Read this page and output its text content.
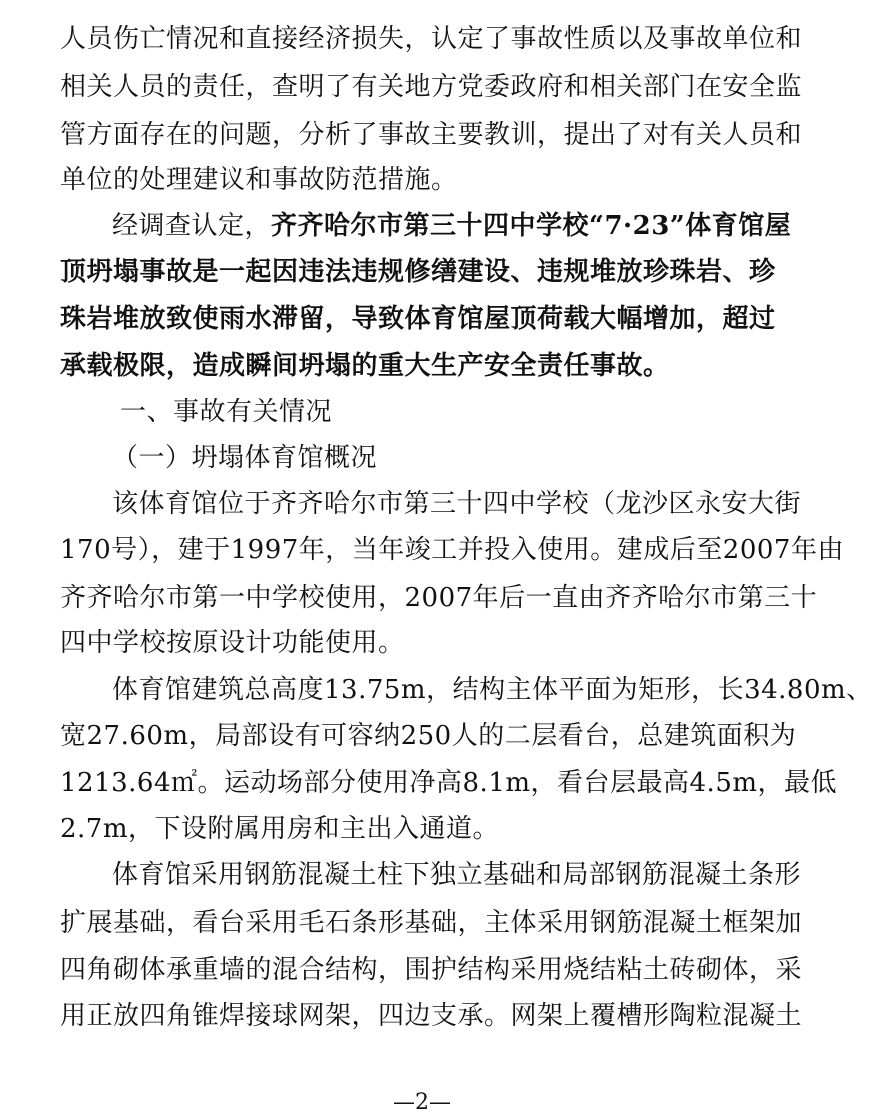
人员伤亡情况和直接经济损失，认定了事故性质以及事故单位和
相关人员的责任，查明了有关地方党委政府和相关部门在安全监
管方面存在的问题，分析了事故主要教训，提出了对有关人员和
单位的处理建议和事故防范措施。
经调查认定，齐齐哈尔市第三十四中学校“7·23”体育馆屋
顶坍塌事故是一起因违法违规修缮建设、违规堆放珍珠岩、珍
珠岩堆放致使雨水滞留，导致体育馆屋顶荷载大幅增加，超过
承载极限，造成瞬间坍塌的重大生产安全责任事故。
一、事故有关情况
（一）坍塌体育馆概况
该体育馆位于齐齐哈尔市第三十四中学校（龙沙区永安大街
170号），建于1997年，当年竣工并投入使用。建成后至2007年由
齐齐哈尔市第一中学校使用，2007年后一直由齐齐哈尔市第三十
四中学校按原设计功能使用。
体育馆建筑总高度13.75m，结构主体平面为矩形，长34.80m、
宽27.60m，局部设有可容纳250人的二层看台，总建筑面积为
1213.64㎡。运动场部分使用净高8.1m，看台层最高4.5m，最低
2.7m，下设附属用房和主出入通道。
体育馆采用钢筋混凝土柱下独立基础和局部钢筋混凝土条形
扩展基础，看台采用毛石条形基础，主体采用钢筋混凝土框架加
四角砌体承重墙的混合结构，围护结构采用烧结粘土砖砌体，采
用正放四角锥焊接球网架，四边支承。网架上覆槽形陶粒混凝土
—2—
